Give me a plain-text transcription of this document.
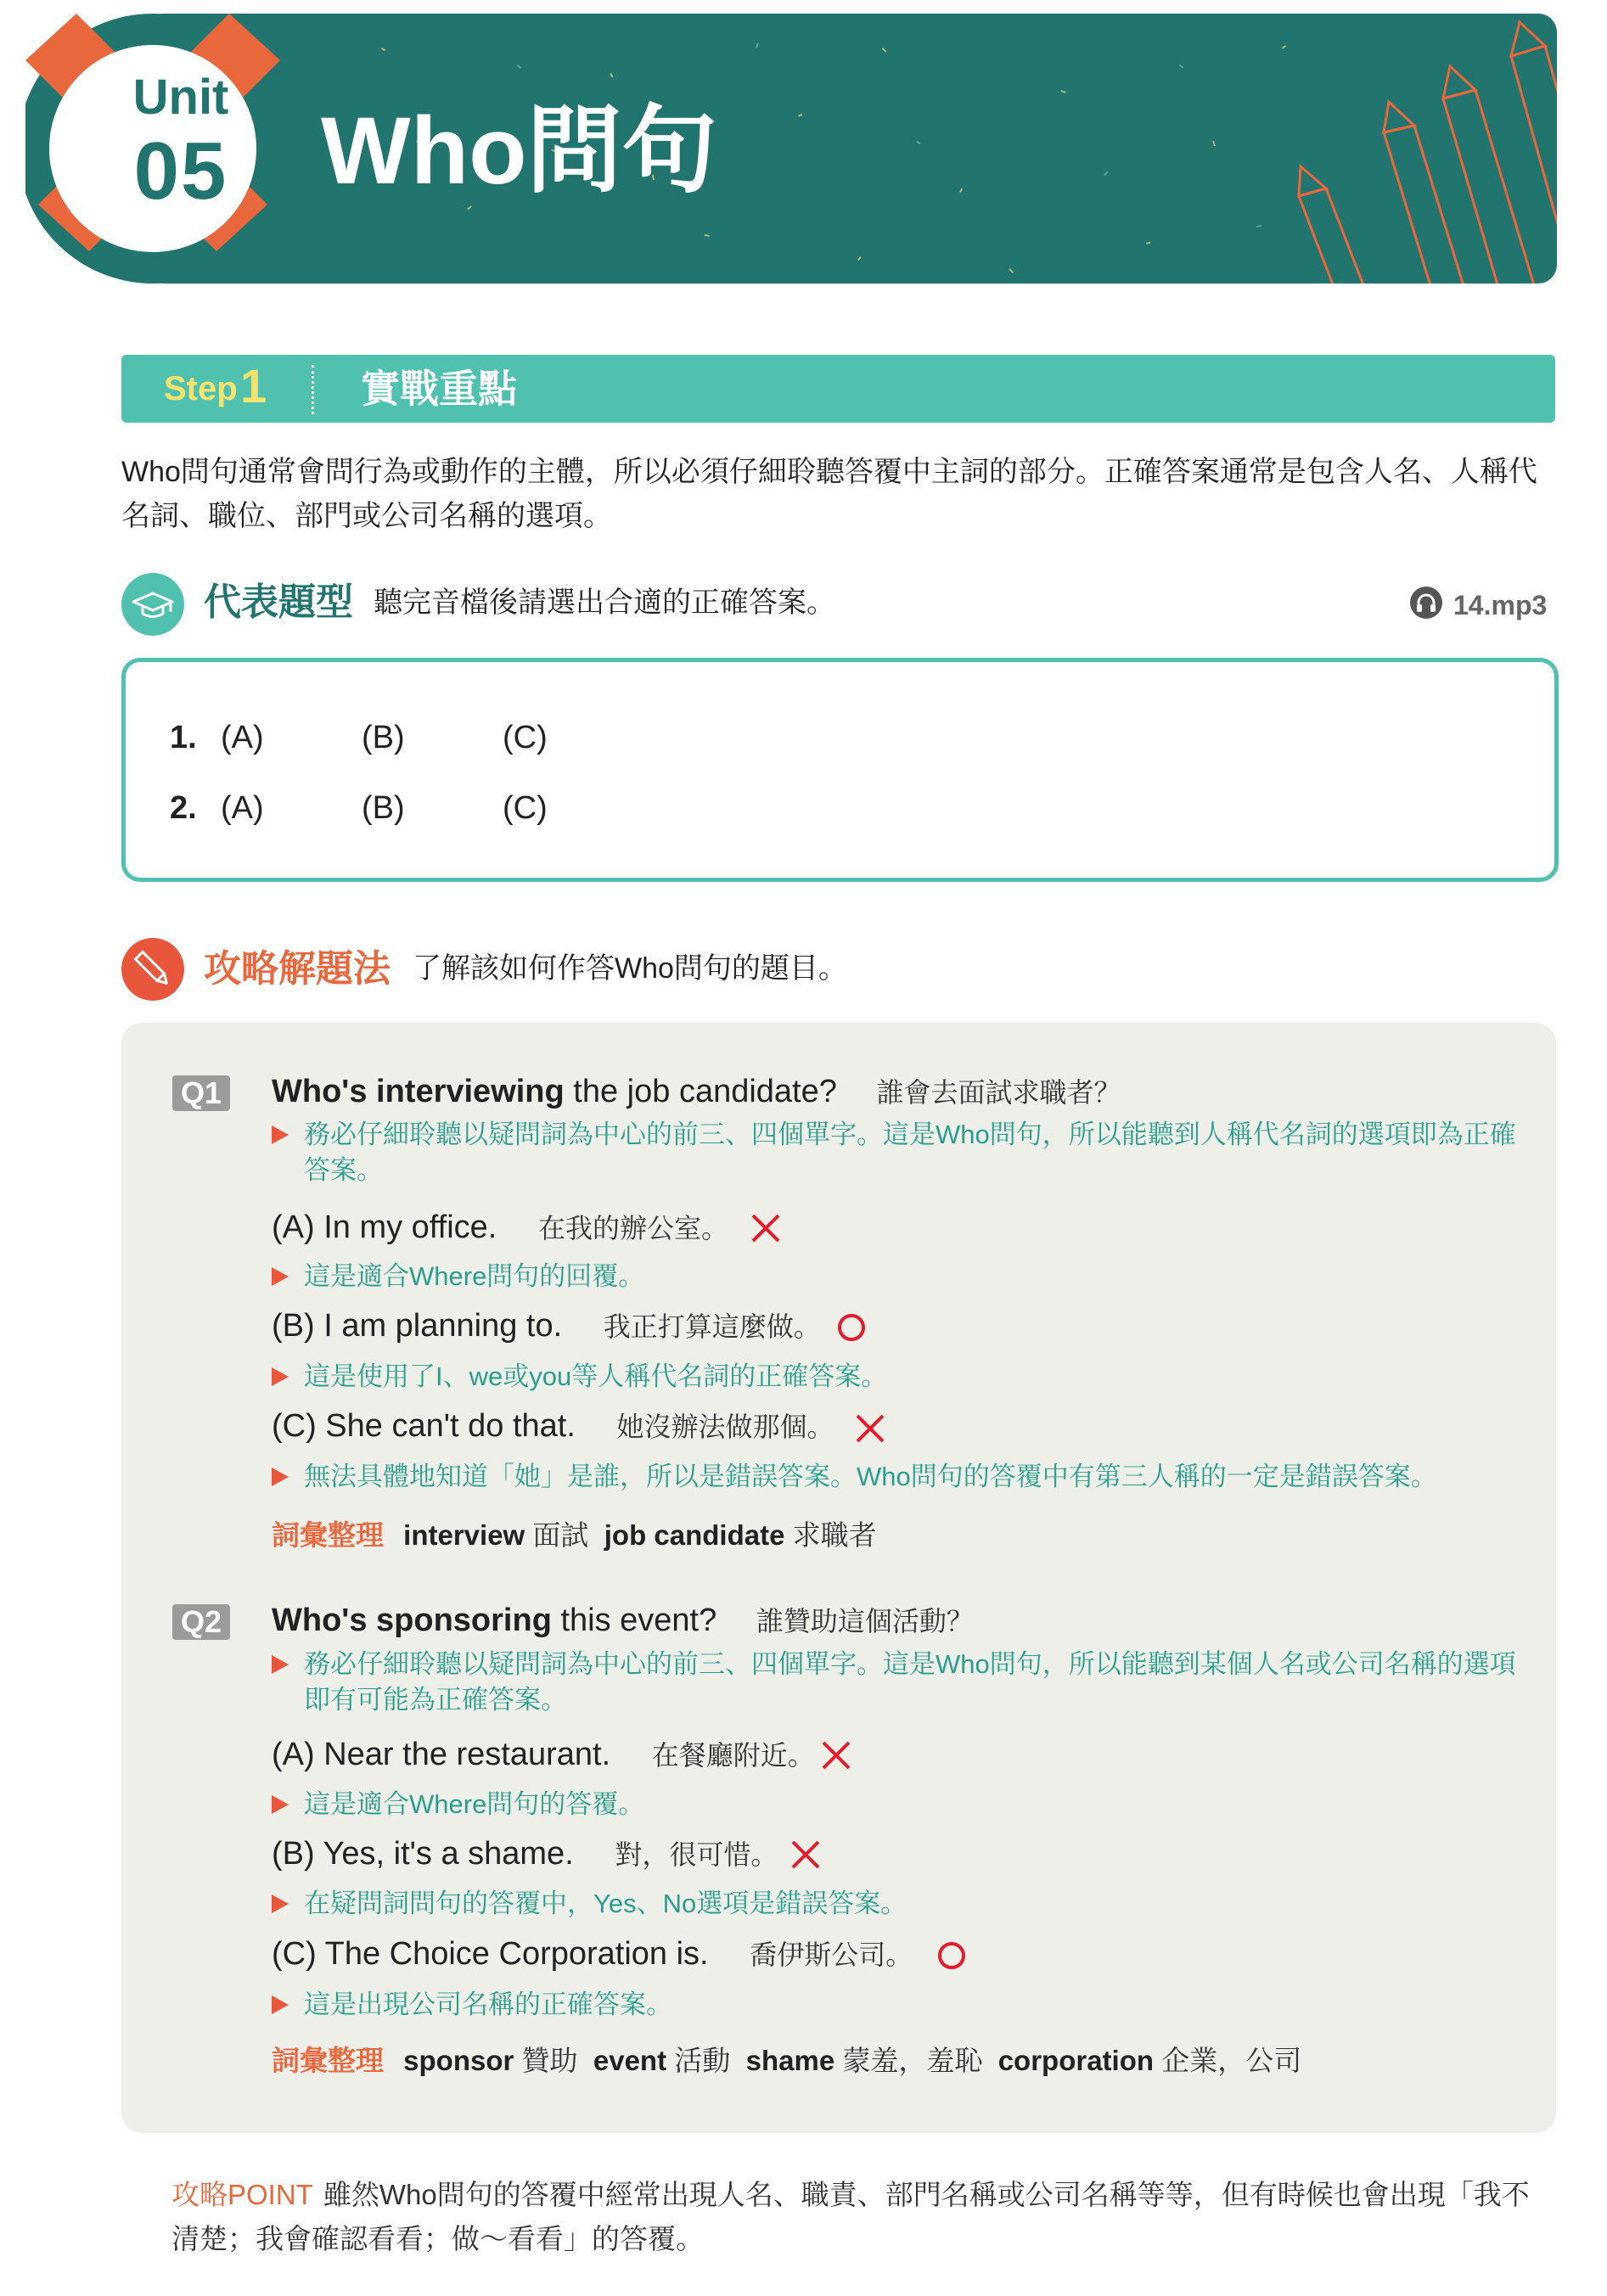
Unit
05 Who問句
Step 1 實戰重點
Who問句通常會問行為或動作的主體，所以必須仔細聆聽答覆中主詞的部分。正確答案通常是包含人名、人稱代名詞、職位、部門或公司名稱的選項。
代表題型 聽完音檔後請選出合適的正確答案。	14.mp3
1. (A)	(B)	(C)
2. (A)	(B)	(C)
攻略解題法 了解該如何作答Who問句的題目。
Q1 Who's interviewing the job candidate? 誰會去面試求職者？
務必仔細聆聽以疑問詞為中心的前三、四個單字。這是Who問句，所以能聽到人稱代名詞的選項即為正確
答案。
(A) In my office. 在我的辦公室。
這是適合Where問句的回覆。
(B) I am planning to. 我正打算這麼做。
這是使用了I、we或you等人稱代名詞的正確答案。
(C) She can't do that. 她沒辦法做那個。
無法具體地知道「她」是誰，所以是錯誤答案。Who問句的答覆中有第三人稱的一定是錯誤答案。
詞彙整理 interview 面試 job candidate 求職者
Q2 Who's sponsoring this event? 誰贊助這個活動？
務必仔細聆聽以疑問詞為中心的前三、四個單字。這是Who問句，所以能聽到某個人名或公司名稱的選項
即有可能為正確答案。
(A) Near the restaurant. 在餐廳附近。
這是適合Where問句的答覆。
(B) Yes, it's a shame. 對，很可惜。
在疑問詞問句的答覆中，Yes、No選項是錯誤答案。
(C) The Choice Corporation is. 喬伊斯公司。
這是出現公司名稱的正確答案。
詞彙整理 sponsor 贊助 event 活動 shame 蒙羞，羞恥 corporation 企業，公司
攻略POINT 雖然Who問句的答覆中經常出現人名、職責、部門名稱或公司名稱等等，但有時候也會出現「我不清楚；我會確認看看；做～看看」的答覆。
